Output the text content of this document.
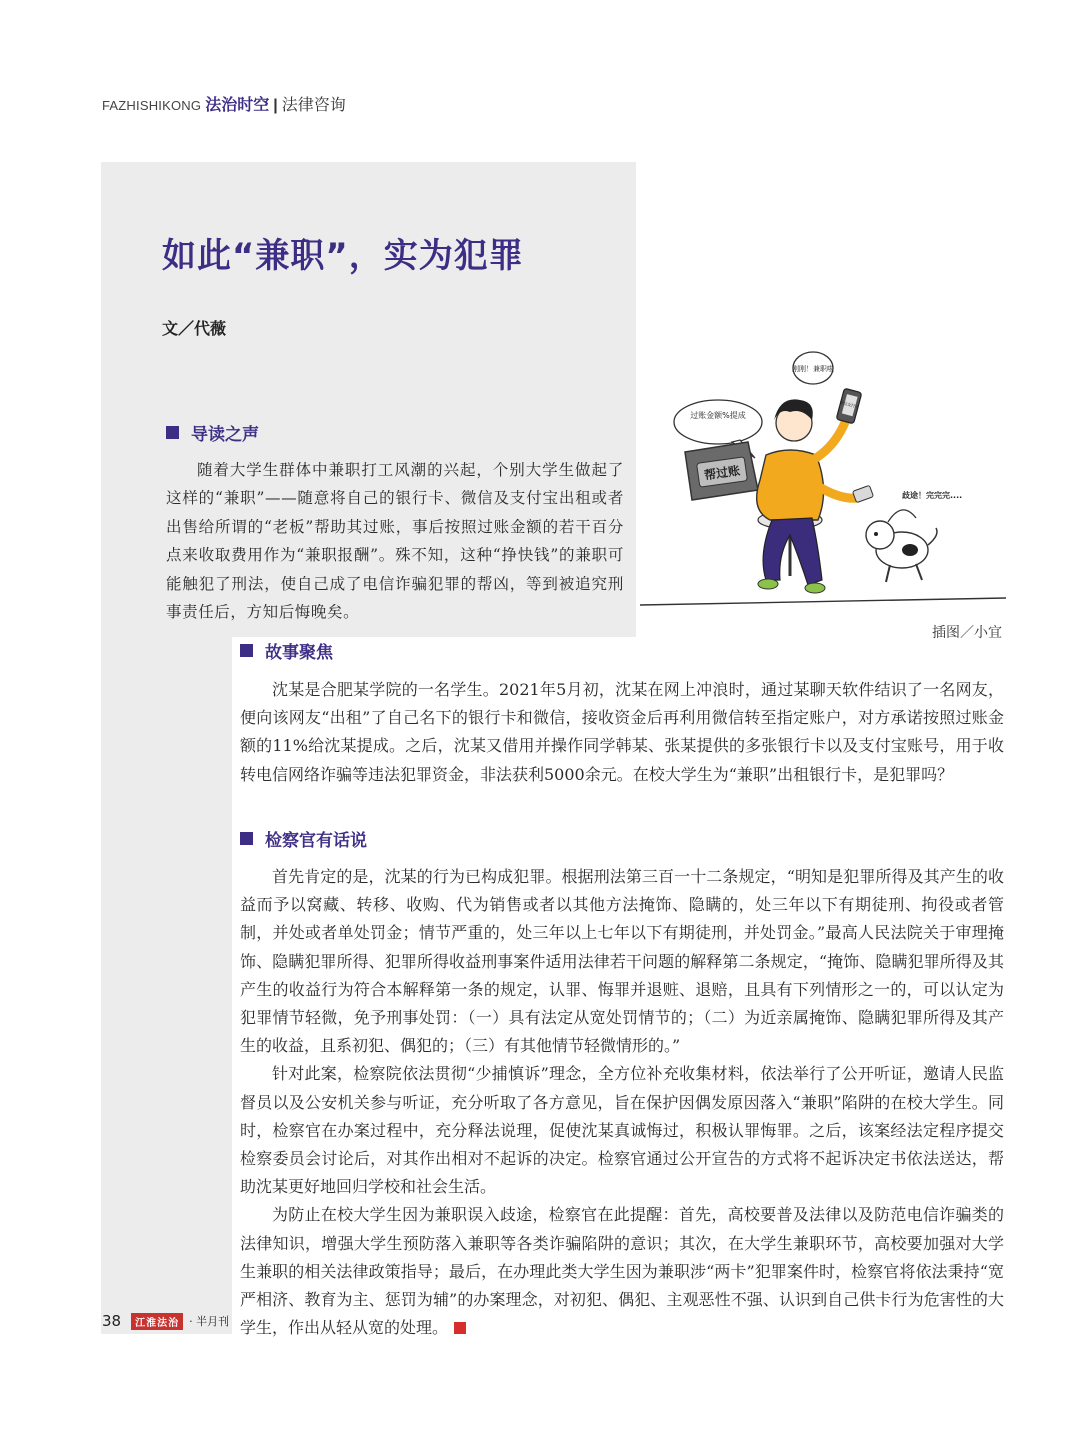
FAZHISHIKONG 法治时空 | 法律咨询
如此“兼职”，实为犯罪
文／代薇
导读之声

随着大学生群体中兼职打工风潮的兴起，个别大学生做起了这样的“兼职”——随意将自己的银行卡、微信及支付宝出租或者出售给所谓的“老板”帮助其过账，事后按照过账金额的若干百分点来收取费用作为“兼职报酬”。殊不知，这种“挣快钱”的兼职可能触犯了刑法，使自己成了电信诈骗犯罪的帮凶，等到被追究刑事责任后，方知后悔晚矣。

过账金额%提成
刚刚！兼职啦
帮过账
微信支付宝
歧途！完完完....
插图／小宜
故事聚焦

沈某是合肥某学院的一名学生。2021年5月初，沈某在网上冲浪时，通过某聊天软件结识了一名网友，便向该网友“出租”了自己名下的银行卡和微信，接收资金后再利用微信转至指定账户，对方承诺按照过账金额的11%给沈某提成。之后，沈某又借用并操作同学韩某、张某提供的多张银行卡以及支付宝账号，用于收转电信网络诈骗等违法犯罪资金，非法获利5000余元。在校大学生为“兼职”出租银行卡，是犯罪吗？

检察官有话说

首先肯定的是，沈某的行为已构成犯罪。根据刑法第三百一十二条规定，“明知是犯罪所得及其产生的收益而予以窝藏、转移、收购、代为销售或者以其他方法掩饰、隐瞒的，处三年以下有期徒刑、拘役或者管制，并处或者单处罚金；情节严重的，处三年以上七年以下有期徒刑，并处罚金。”最高人民法院关于审理掩饰、隐瞒犯罪所得、犯罪所得收益刑事案件适用法律若干问题的解释第二条规定，“掩饰、隐瞒犯罪所得及其产生的收益行为符合本解释第一条的规定，认罪、悔罪并退赃、退赔，且具有下列情形之一的，可以认定为犯罪情节轻微，免予刑事处罚：（一）具有法定从宽处罚情节的；（二）为近亲属掩饰、隐瞒犯罪所得及其产生的收益，且系初犯、偶犯的；（三）有其他情节轻微情形的。”

针对此案，检察院依法贯彻“少捕慎诉”理念，全方位补充收集材料，依法举行了公开听证，邀请人民监督员以及公安机关参与听证，充分听取了各方意见，旨在保护因偶发原因落入“兼职”陷阱的在校大学生。同时，检察官在办案过程中，充分释法说理，促使沈某真诚悔过，积极认罪悔罪。之后，该案经法定程序提交检察委员会讨论后，对其作出相对不起诉的决定。检察官通过公开宣告的方式将不起诉决定书依法送达，帮助沈某更好地回归学校和社会生活。

为防止在校大学生因为兼职误入歧途，检察官在此提醒：首先，高校要普及法律以及防范电信诈骗类的法律知识，增强大学生预防落入兼职等各类诈骗陷阱的意识；其次，在大学生兼职环节，高校要加强对大学生兼职的相关法律政策指导；最后，在办理此类大学生因为兼职涉“两卡”犯罪案件时，检察官将依法秉持“宽严相济、教育为主、惩罚为辅”的办案理念，对初犯、偶犯、主观恶性不强、认识到自己供卡行为危害性的大学生，作出从轻从宽的处理。

38	江淮法治 · 半月刊
